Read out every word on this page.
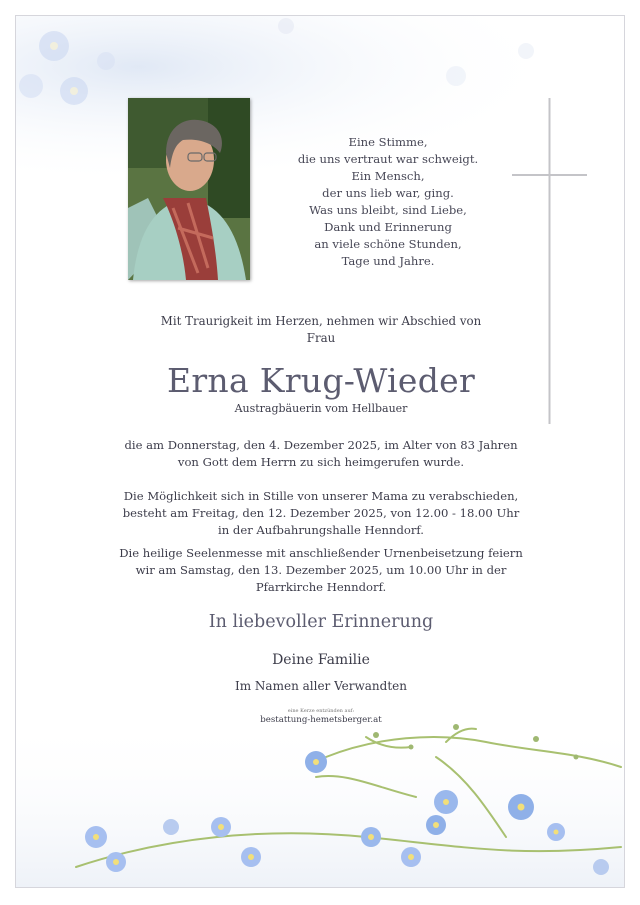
Eine Stimme,
die uns vertraut war schweigt.
Ein Mensch,
der uns lieb war, ging.
Was uns bleibt, sind Liebe,
Dank und Erinnerung
an viele schöne Stunden,
Tage und Jahre.
Mit Traurigkeit im Herzen, nehmen wir Abschied von
Frau
Erna Krug-Wieder
Austragbäuerin vom Hellbauer
die am Donnerstag, den 4. Dezember 2025, im Alter von 83 Jahren
von Gott dem Herrn zu sich heimgerufen wurde.
Die Möglichkeit sich in Stille von unserer Mama zu verabschieden,
besteht am Freitag, den 12. Dezember 2025, von 12.00 - 18.00 Uhr
in der Aufbahrungshalle Henndorf.
Die heilige Seelenmesse mit anschließender Urnenbeisetzung feiern
wir am Samstag, den 13. Dezember 2025, um 10.00 Uhr in der
Pfarrkirche Henndorf.
In liebevoller Erinnerung
Deine Familie
Im Namen aller Verwandten
eine Kerze entzünden auf:
bestattung-hemetsberger.at
